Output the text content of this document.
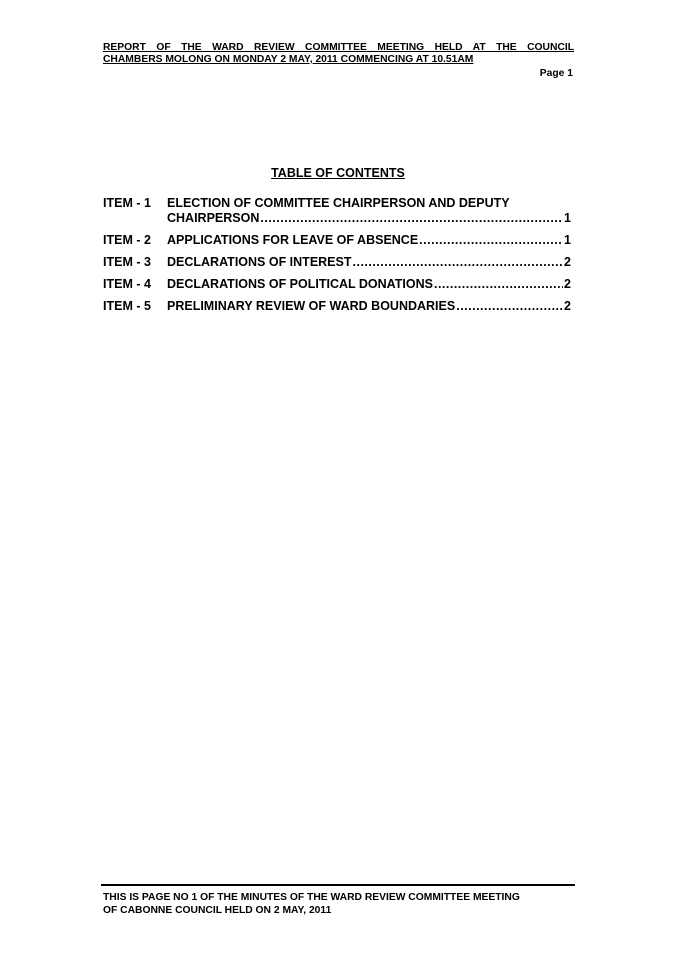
REPORT OF THE WARD REVIEW COMMITTEE MEETING HELD AT THE COUNCIL
CHAMBERS MOLONG ON MONDAY 2 MAY, 2011 COMMENCING AT 10.51AM
Page 1
TABLE OF CONTENTS
ITEM - 1	ELECTION OF COMMITTEE CHAIRPERSON AND DEPUTY
CHAIRPERSON .....	1
ITEM - 2	APPLICATIONS FOR LEAVE OF ABSENCE .....	1
ITEM - 3	DECLARATIONS OF INTEREST .....	2
ITEM - 4	DECLARATIONS OF POLITICAL DONATIONS .....	2
ITEM - 5	PRELIMINARY REVIEW OF WARD BOUNDARIES .....	2
THIS IS PAGE NO 1 OF THE MINUTES OF THE WARD REVIEW COMMITTEE MEETING
OF CABONNE COUNCIL HELD ON 2 MAY, 2011
